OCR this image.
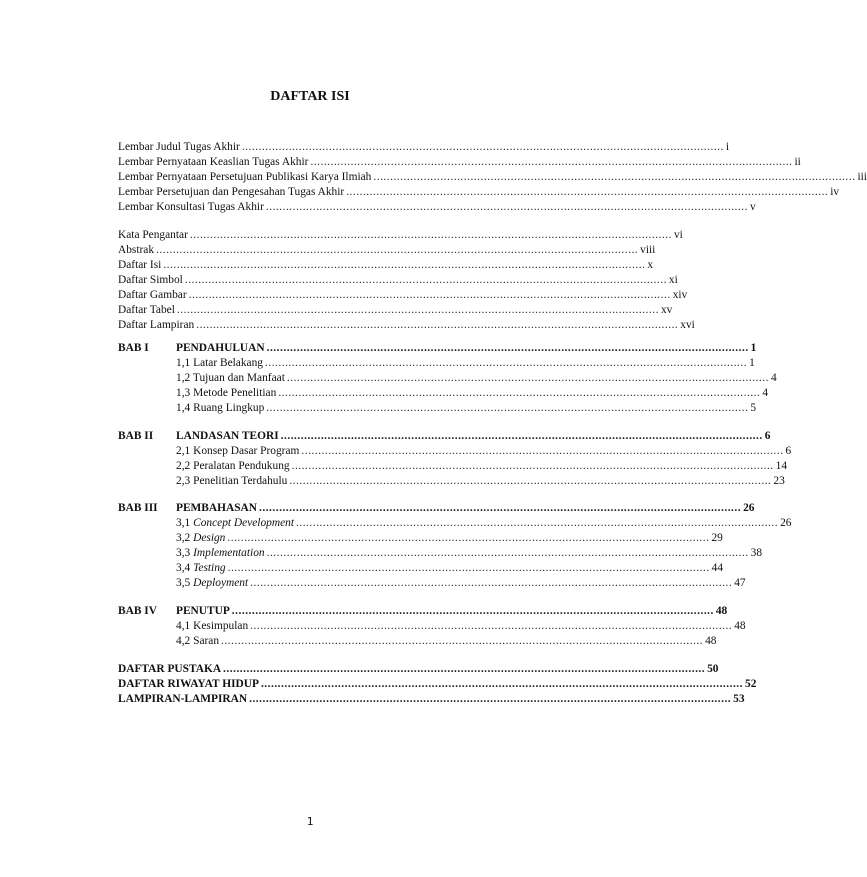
DAFTAR ISI
Lembar Judul Tugas Akhir ................................................................................................................................................ i
Lembar Pernyataan Keaslian Tugas Akhir ................................................................................................................................................ ii
Lembar Pernyataan Persetujuan Publikasi Karya Ilmiah ................................................................................................................................................ iii
Lembar Persetujuan dan Pengesahan Tugas Akhir ................................................................................................................................................ iv
Lembar Konsultasi Tugas Akhir ................................................................................................................................................ v
Kata Pengantar ................................................................................................................................................ vi
Abstrak ................................................................................................................................................ viii
Daftar Isi ................................................................................................................................................ x
Daftar Simbol ................................................................................................................................................ xi
Daftar Gambar ................................................................................................................................................ xiv
Daftar Tabel ................................................................................................................................................ xv
Daftar Lampiran ................................................................................................................................................ xvi
BAB I PENDAHULUAN ................................................................................................................................................ 1
1,1 Latar Belakang ................................................................................................................................................ 1
1,2 Tujuan dan Manfaat ................................................................................................................................................ 4
1,3 Metode Penelitian ................................................................................................................................................ 4
1,4 Ruang Lingkup ................................................................................................................................................ 5
BAB II LANDASAN TEORI ................................................................................................................................................ 6
2,1 Konsep Dasar Program ................................................................................................................................................ 6
2,2 Peralatan Pendukung ................................................................................................................................................ 14
2,3 Penelitian Terdahulu ................................................................................................................................................ 23
BAB III PEMBAHASAN ................................................................................................................................................ 26
3,1 Concept Development ................................................................................................................................................ 26
3,2 Design ................................................................................................................................................ 29
3,3 Implementation ................................................................................................................................................ 38
3,4 Testing ................................................................................................................................................ 44
3,5 Deployment ................................................................................................................................................ 47
BAB IV PENUTUP ................................................................................................................................................ 48
4,1 Kesimpulan ................................................................................................................................................ 48
4,2 Saran ................................................................................................................................................ 48
DAFTAR PUSTAKA ................................................................................................................................................ 50
DAFTAR RIWAYAT HIDUP ................................................................................................................................................ 52
LAMPIRAN-LAMPIRAN ................................................................................................................................................ 53
1
